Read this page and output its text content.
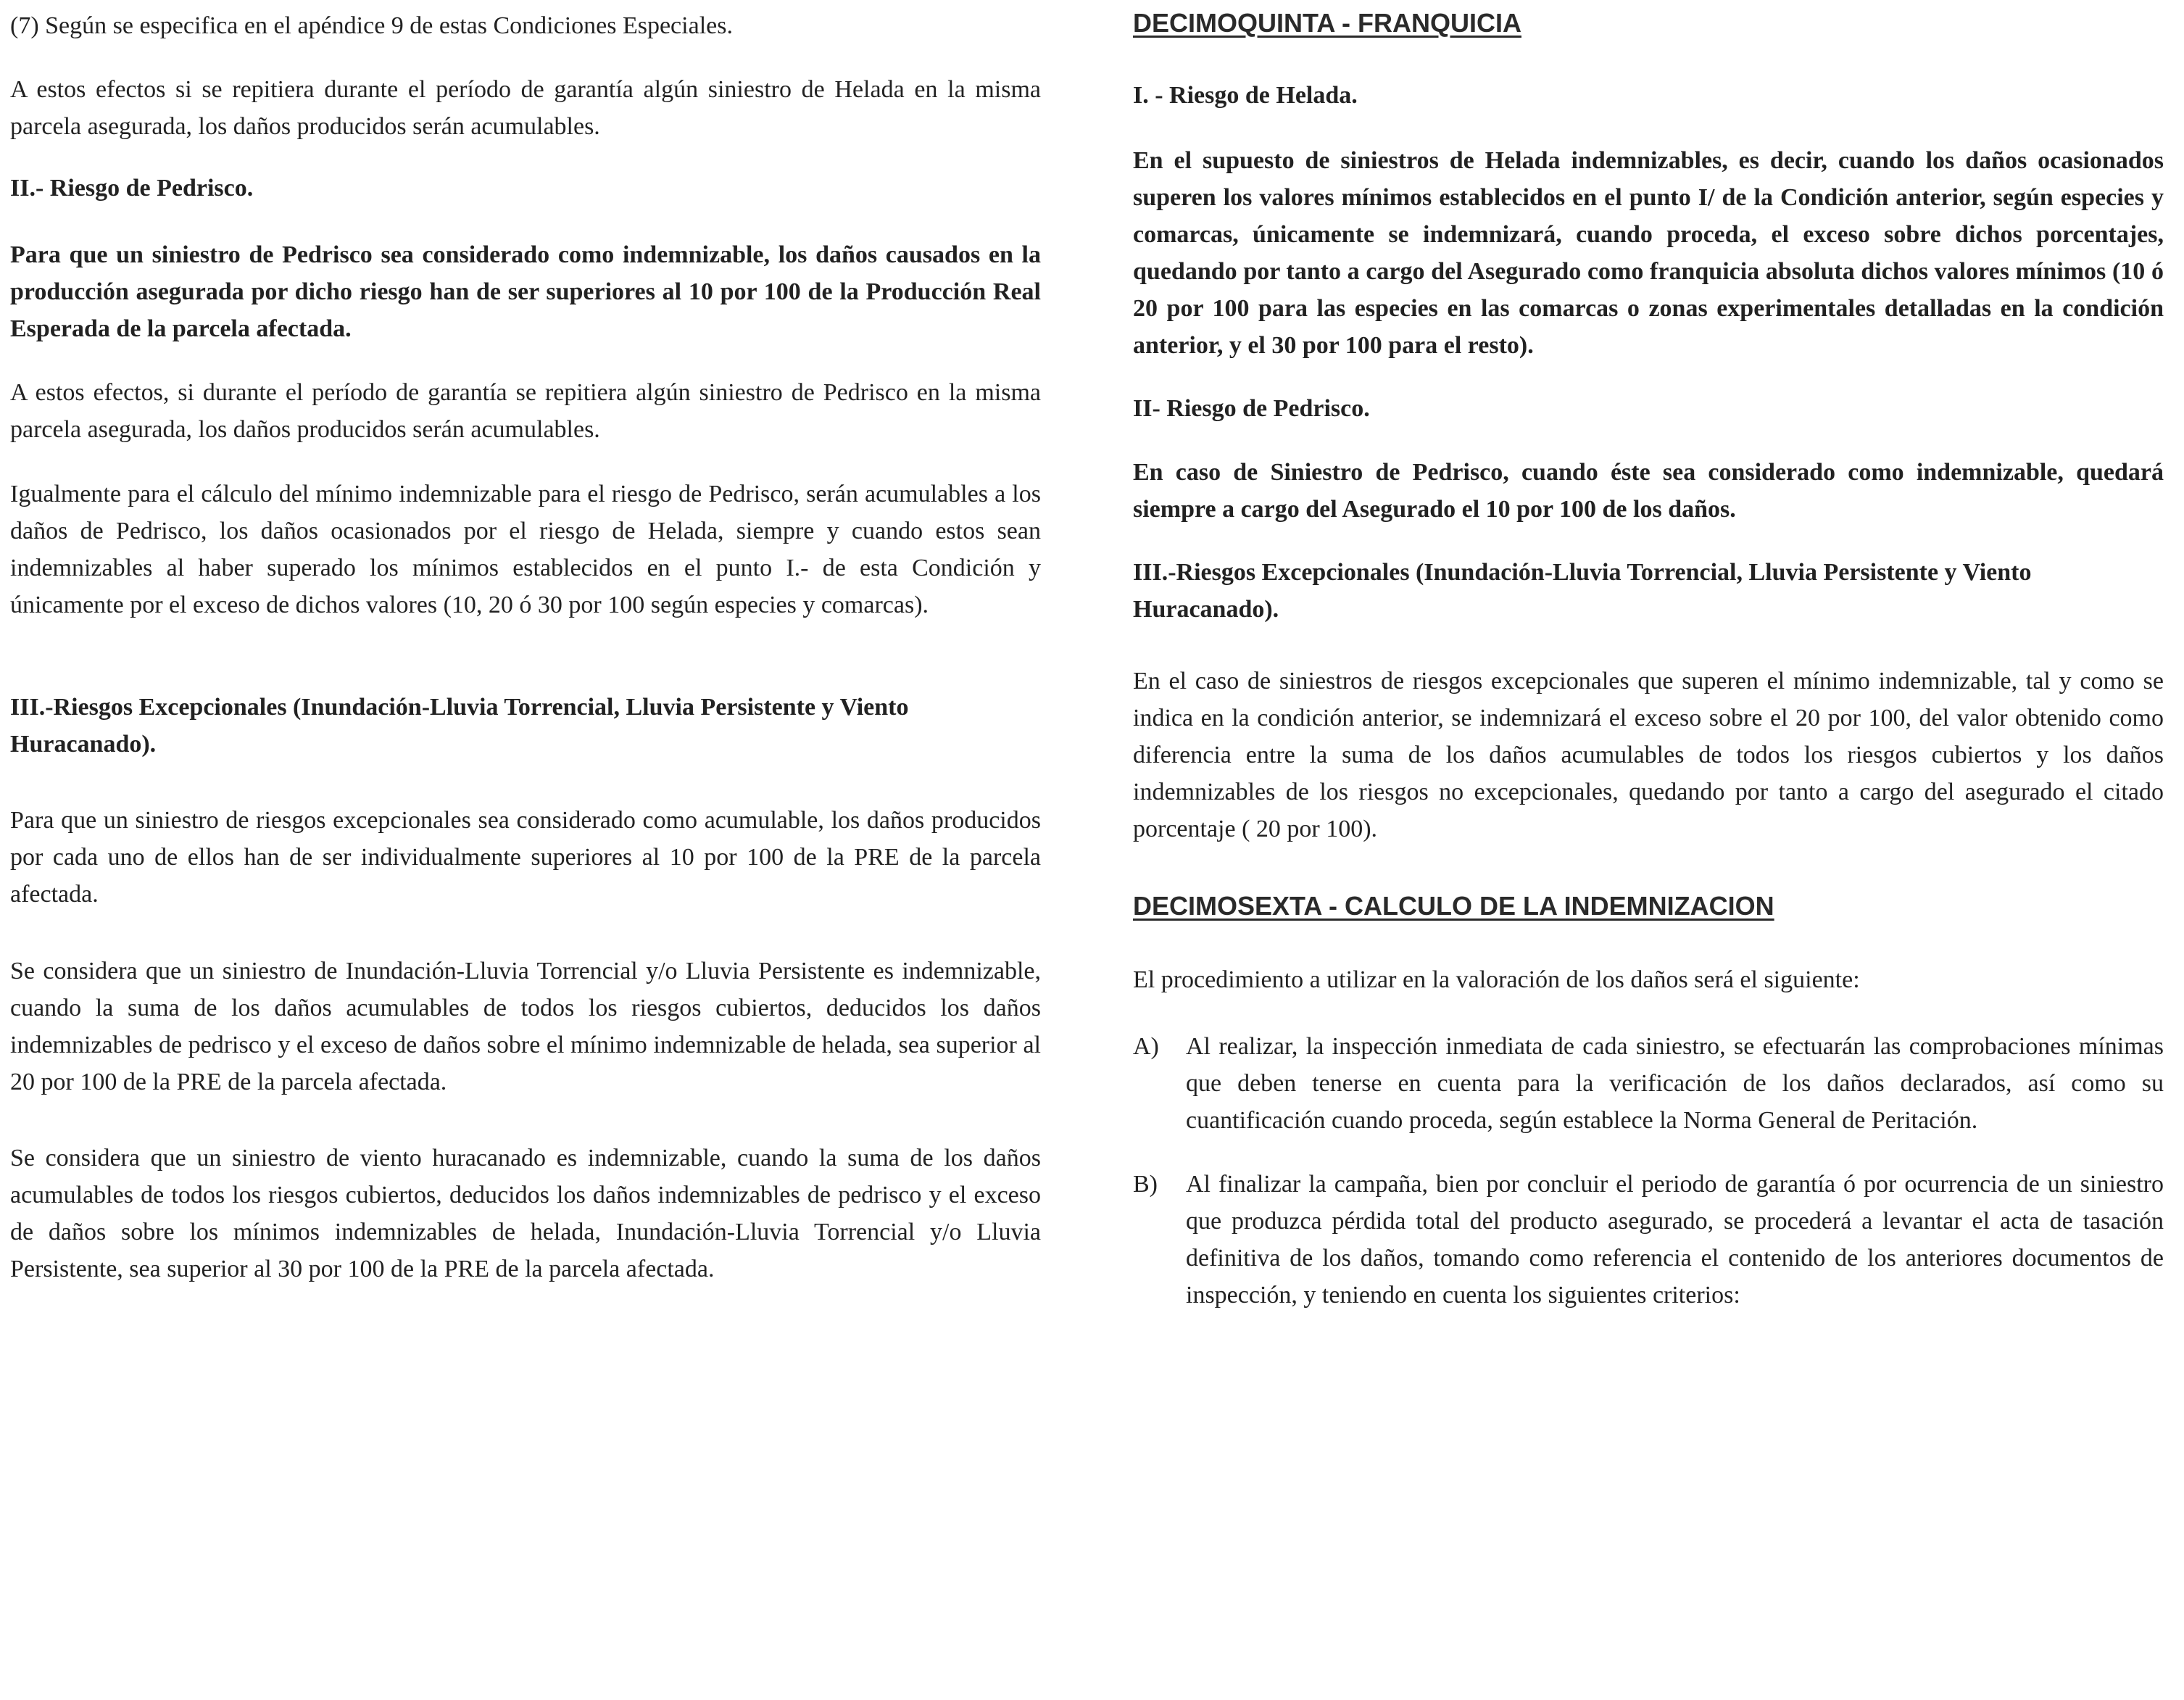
(7) Según se especifica en el apéndice 9 de estas Condiciones Especiales.

A estos efectos si se repitiera durante el período de garantía algún siniestro de Helada en la misma parcela asegurada, los daños producidos serán acumulables.

II.- Riesgo de Pedrisco.

Para que un siniestro de Pedrisco sea considerado como indemnizable, los daños causados en la producción asegurada por dicho riesgo han de ser superiores al 10 por 100 de la Producción Real Esperada de la parcela afectada.

A estos efectos, si durante el período de garantía se repitiera algún siniestro de Pedrisco en la misma parcela asegurada, los daños producidos serán acumulables.

Igualmente para el cálculo del mínimo indemnizable para el riesgo de Pedrisco, serán acumulables a los daños de Pedrisco, los daños ocasionados por el riesgo de Helada, siempre y cuando estos sean indemnizables al haber superado los mínimos establecidos en el punto I.- de esta Condición y únicamente por el exceso de dichos valores (10, 20 ó 30 por 100 según especies y comarcas).

III.-Riesgos Excepcionales (Inundación-Lluvia Torrencial, Lluvia Persistente y Viento Huracanado).

Para que un siniestro de riesgos excepcionales sea considerado como acumulable, los daños producidos por cada uno de ellos han de ser individualmente superiores al 10 por 100 de la PRE de la parcela afectada.

Se considera que un siniestro de Inundación-Lluvia Torrencial y/o Lluvia Persistente es indemnizable, cuando la suma de los daños acumulables de todos los riesgos cubiertos, deducidos los daños indemnizables de pedrisco y el exceso de daños sobre el mínimo indemnizable de helada, sea superior al 20 por 100 de la PRE de la parcela afectada.

Se considera que un siniestro de viento huracanado es indemnizable, cuando la suma de los daños acumulables de todos los riesgos cubiertos, deducidos los daños indemnizables de pedrisco y el exceso de daños sobre los mínimos indemnizables de helada, Inundación-Lluvia Torrencial y/o Lluvia Persistente, sea superior al 30 por 100 de la PRE de la parcela afectada.

DECIMOQUINTA - FRANQUICIA
I. - Riesgo de Helada.

En el supuesto de siniestros de Helada indemnizables, es decir, cuando los daños ocasionados superen los valores mínimos establecidos en el punto I/ de la Condición anterior, según especies y comarcas, únicamente se indemnizará, cuando proceda, el exceso sobre dichos porcentajes, quedando por tanto a cargo del Asegurado como franquicia absoluta dichos valores mínimos (10 ó 20 por 100 para las especies en las comarcas o zonas experimentales detalladas en la condición anterior, y el 30 por 100 para el resto).

II- Riesgo de Pedrisco.

En caso de Siniestro de Pedrisco, cuando éste sea considerado como indemnizable, quedará siempre a cargo del Asegurado el 10 por 100 de los daños.

III.-Riesgos Excepcionales (Inundación-Lluvia Torrencial, Lluvia Persistente y Viento Huracanado).

En el caso de siniestros de riesgos excepcionales que superen el mínimo indemnizable, tal y como se indica en la condición anterior, se indemnizará el exceso sobre el 20 por 100, del valor obtenido como diferencia entre la suma de los daños acumulables de todos los riesgos cubiertos y los daños indemnizables de los riesgos no excepcionales, quedando por tanto a cargo del asegurado el citado porcentaje ( 20 por 100).

DECIMOSEXTA - CALCULO DE LA INDEMNIZACION

El procedimiento a utilizar en la valoración de los daños será el siguiente:

A) Al realizar, la inspección inmediata de cada siniestro, se efectuarán las comprobaciones mínimas que deben tenerse en cuenta para la verificación de los daños declarados, así como su cuantificación cuando proceda, según establece la Norma General de Peritación.

B) Al finalizar la campaña, bien por concluir el periodo de garantía ó por ocurrencia de un siniestro que produzca pérdida total del producto asegurado, se procederá a levantar el acta de tasación definitiva de los daños, tomando como referencia el contenido de los anteriores documentos de inspección, y teniendo en cuenta los siguientes criterios:
